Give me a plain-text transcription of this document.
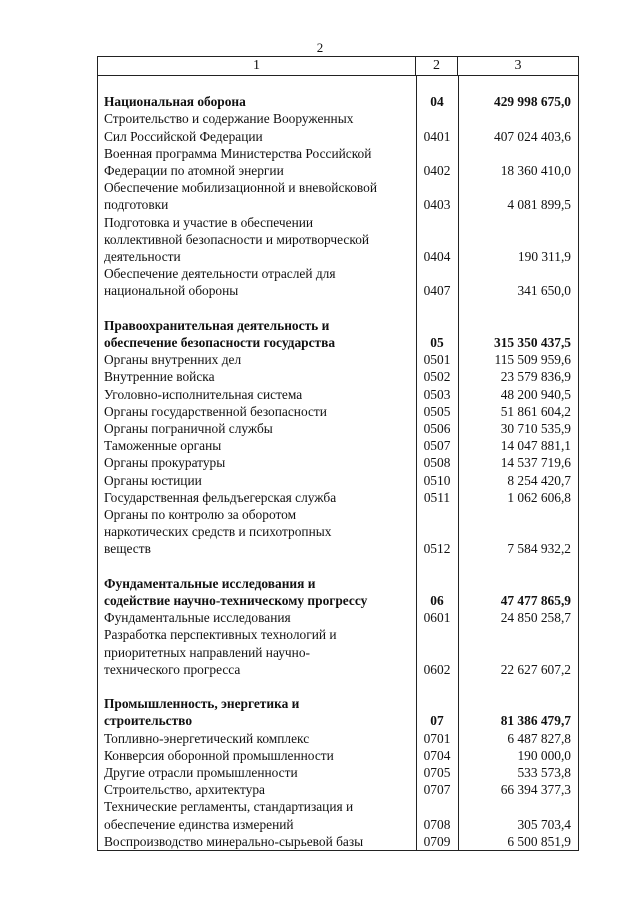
2
1	2	3
Национальная оборона	04	429 998 675,0
Строительство и содержание Вооруженных
Сил Российской Федерации	0401	407 024 403,6
Военная программа Министерства Российской
Федерации по атомной энергии	0402	18 360 410,0
Обеспечение мобилизационной и вневойсковой
подготовки	0403	4 081 899,5
Подготовка и участие в обеспечении
коллективной безопасности и миротворческой
деятельности	0404	190 311,9
Обеспечение деятельности отраслей для
национальной обороны	0407	341 650,0
Правоохранительная деятельность и
обеспечение безопасности государства	05	315 350 437,5
Органы внутренних дел	0501	115 509 959,6
Внутренние войска	0502	23 579 836,9
Уголовно-исполнительная система	0503	48 200 940,5
Органы государственной безопасности	0505	51 861 604,2
Органы пограничной службы	0506	30 710 535,9
Таможенные органы	0507	14 047 881,1
Органы прокуратуры	0508	14 537 719,6
Органы юстиции	0510	8 254 420,7
Государственная фельдъегерская служба	0511	1 062 606,8
Органы по контролю за оборотом
наркотических средств и психотропных
веществ	0512	7 584 932,2
Фундаментальные исследования и
содействие научно-техническому прогрессу	06	47 477 865,9
Фундаментальные исследования	0601	24 850 258,7
Разработка перспективных технологий и
приоритетных направлений научно-
технического прогресса	0602	22 627 607,2
Промышленность, энергетика и
строительство	07	81 386 479,7
Топливно-энергетический комплекс	0701	6 487 827,8
Конверсия оборонной промышленности	0704	190 000,0
Другие отрасли промышленности	0705	533 573,8
Строительство, архитектура	0707	66 394 377,3
Технические регламенты, стандартизация и
обеспечение единства измерений	0708	305 703,4
Воспроизводство минерально-сырьевой базы	0709	6 500 851,9
